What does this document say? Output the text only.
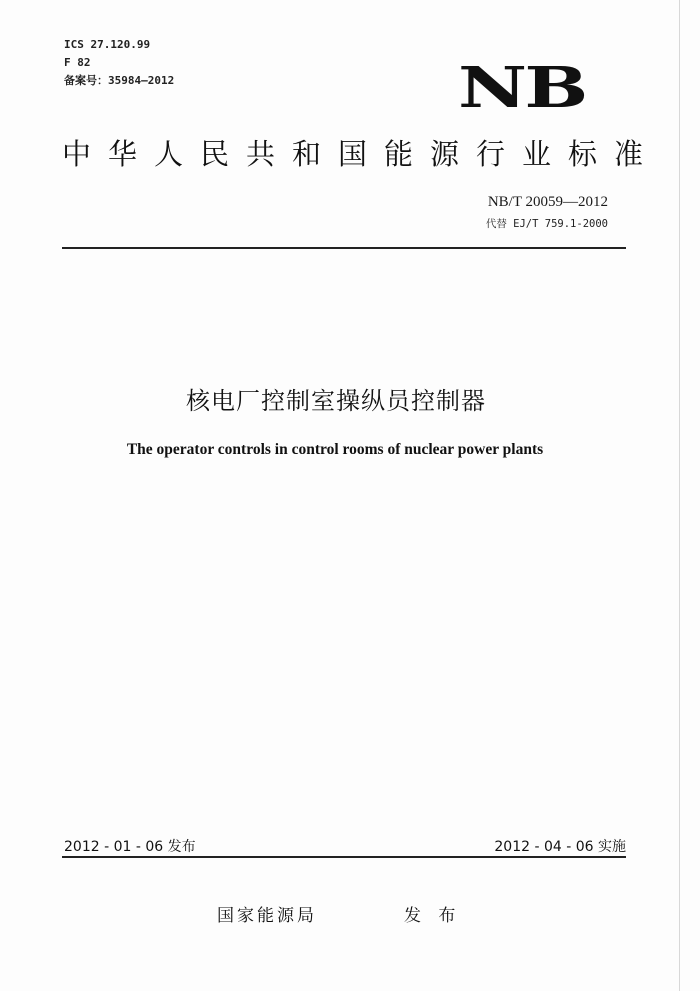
ICS 27.120.99
F 82
备案号：35984—2012	NB
中华人民共和国能源行业标准
NB/T 20059—2012
代替 EJ/T 759.1-2000
核电厂控制室操纵员控制器
The operator controls in control rooms of nuclear power plants
2012 - 01 - 06 发布	2012 - 04 - 06 实施
国家能源局	发 布
